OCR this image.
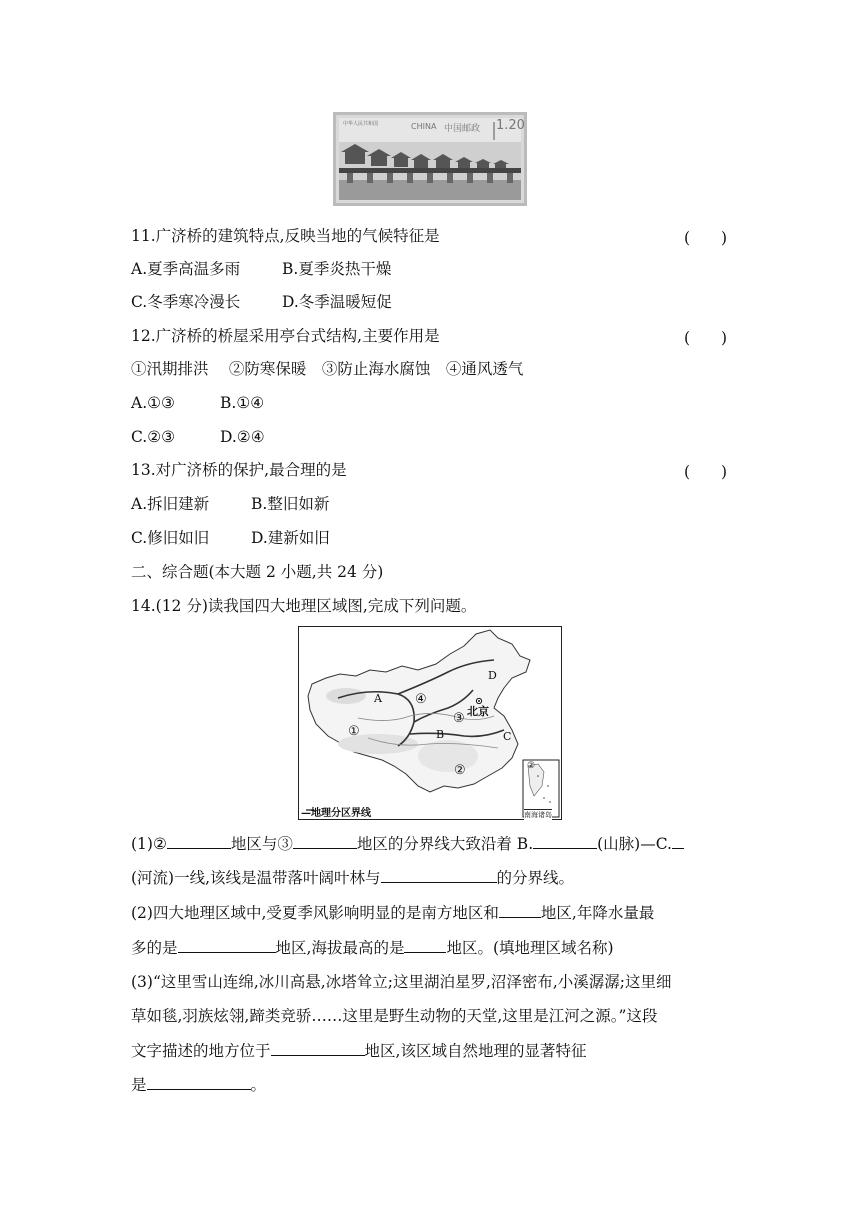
中华人民共和国	CHINA 中国邮政 1.20
11.广济桥的建筑特点,反映当地的气候特征是	(　　)
A.夏季高温多雨	B.夏季炎热干燥
C.冬季寒冷漫长	D.冬季温暖短促
12.广济桥的桥屋采用亭台式结构,主要作用是	(　　)
①汛期排洪　 ②防寒保暖　③防止海水腐蚀　④通风透气
A.①③	B.①④
C.②③	D.②④
13.对广济桥的保护,最合理的是	(　　)
A.拆旧建新	B.整旧如新
C.修旧如旧	D.建新如旧
二、综合题(本大题 2 小题,共 24 分)
14.(12 分)读我国四大地理区域图,完成下列问题。
A
B	C
D
①
②
③
④
北京
—地理分区界线
②
南海诸岛
(1)②	地区与③	地区的分界线大致沿着 B.	(山脉)—C.
(河流)一线,该线是温带落叶阔叶林与	的分界线。
(2)四大地理区域中,受夏季风影响明显的是南方地区和	地区,年降水量最
多的是	地区,海拔最高的是	地区。(填地理区域名称)
(3)“这里雪山连绵,冰川高悬,冰塔耸立;这里湖泊星罗,沼泽密布,小溪潺潺;这里细
草如毯,羽族炫翎,蹄类竞骄……这里是野生动物的天堂,这里是江河之源。”这段
文字描述的地方位于	地区,该区域自然地理的显著特征
是	。
